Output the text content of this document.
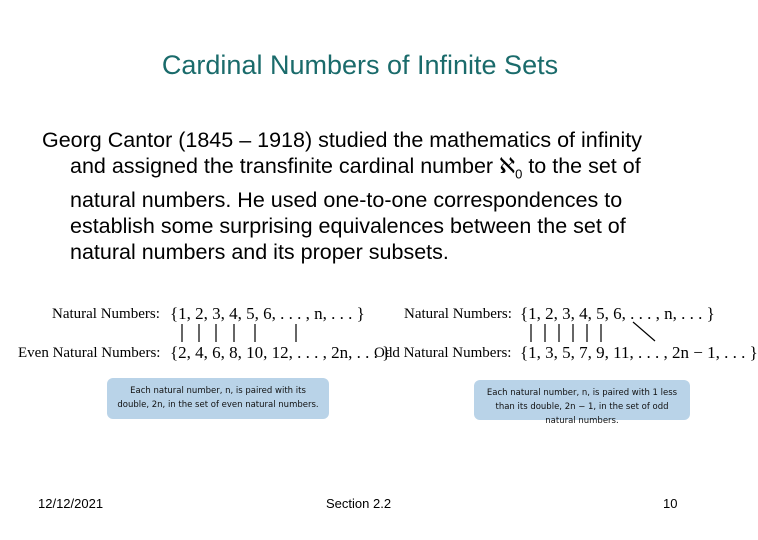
Cardinal Numbers of Infinite Sets

Georg Cantor (1845 – 1918) studied the mathematics of infinity and assigned the transfinite cardinal number ℵ$_0$ to the set of natural numbers. He used one-to-one correspondences to establish some surprising equivalences between the set of natural numbers and its proper subsets.

Natural Numbers: {1, 2, 3, 4, 5, 6, . . . , n, . . . }
Even Natural Numbers: {2, 4, 6, 8, 10, 12, . . . , 2n, . . . }
Each natural number, n, is paired with its double, 2n, in the set of even natural numbers.
Natural Numbers: {1, 2, 3, 4, 5, 6, . . . , n, . . . }
Odd Natural Numbers: {1, 3, 5, 7, 9, 11, . . . , 2n − 1, . . . }
Each natural number, n, is paired with 1 less than its double, 2n − 1, in the set of odd natural numbers.
12/12/2021	Section 2.2	10
